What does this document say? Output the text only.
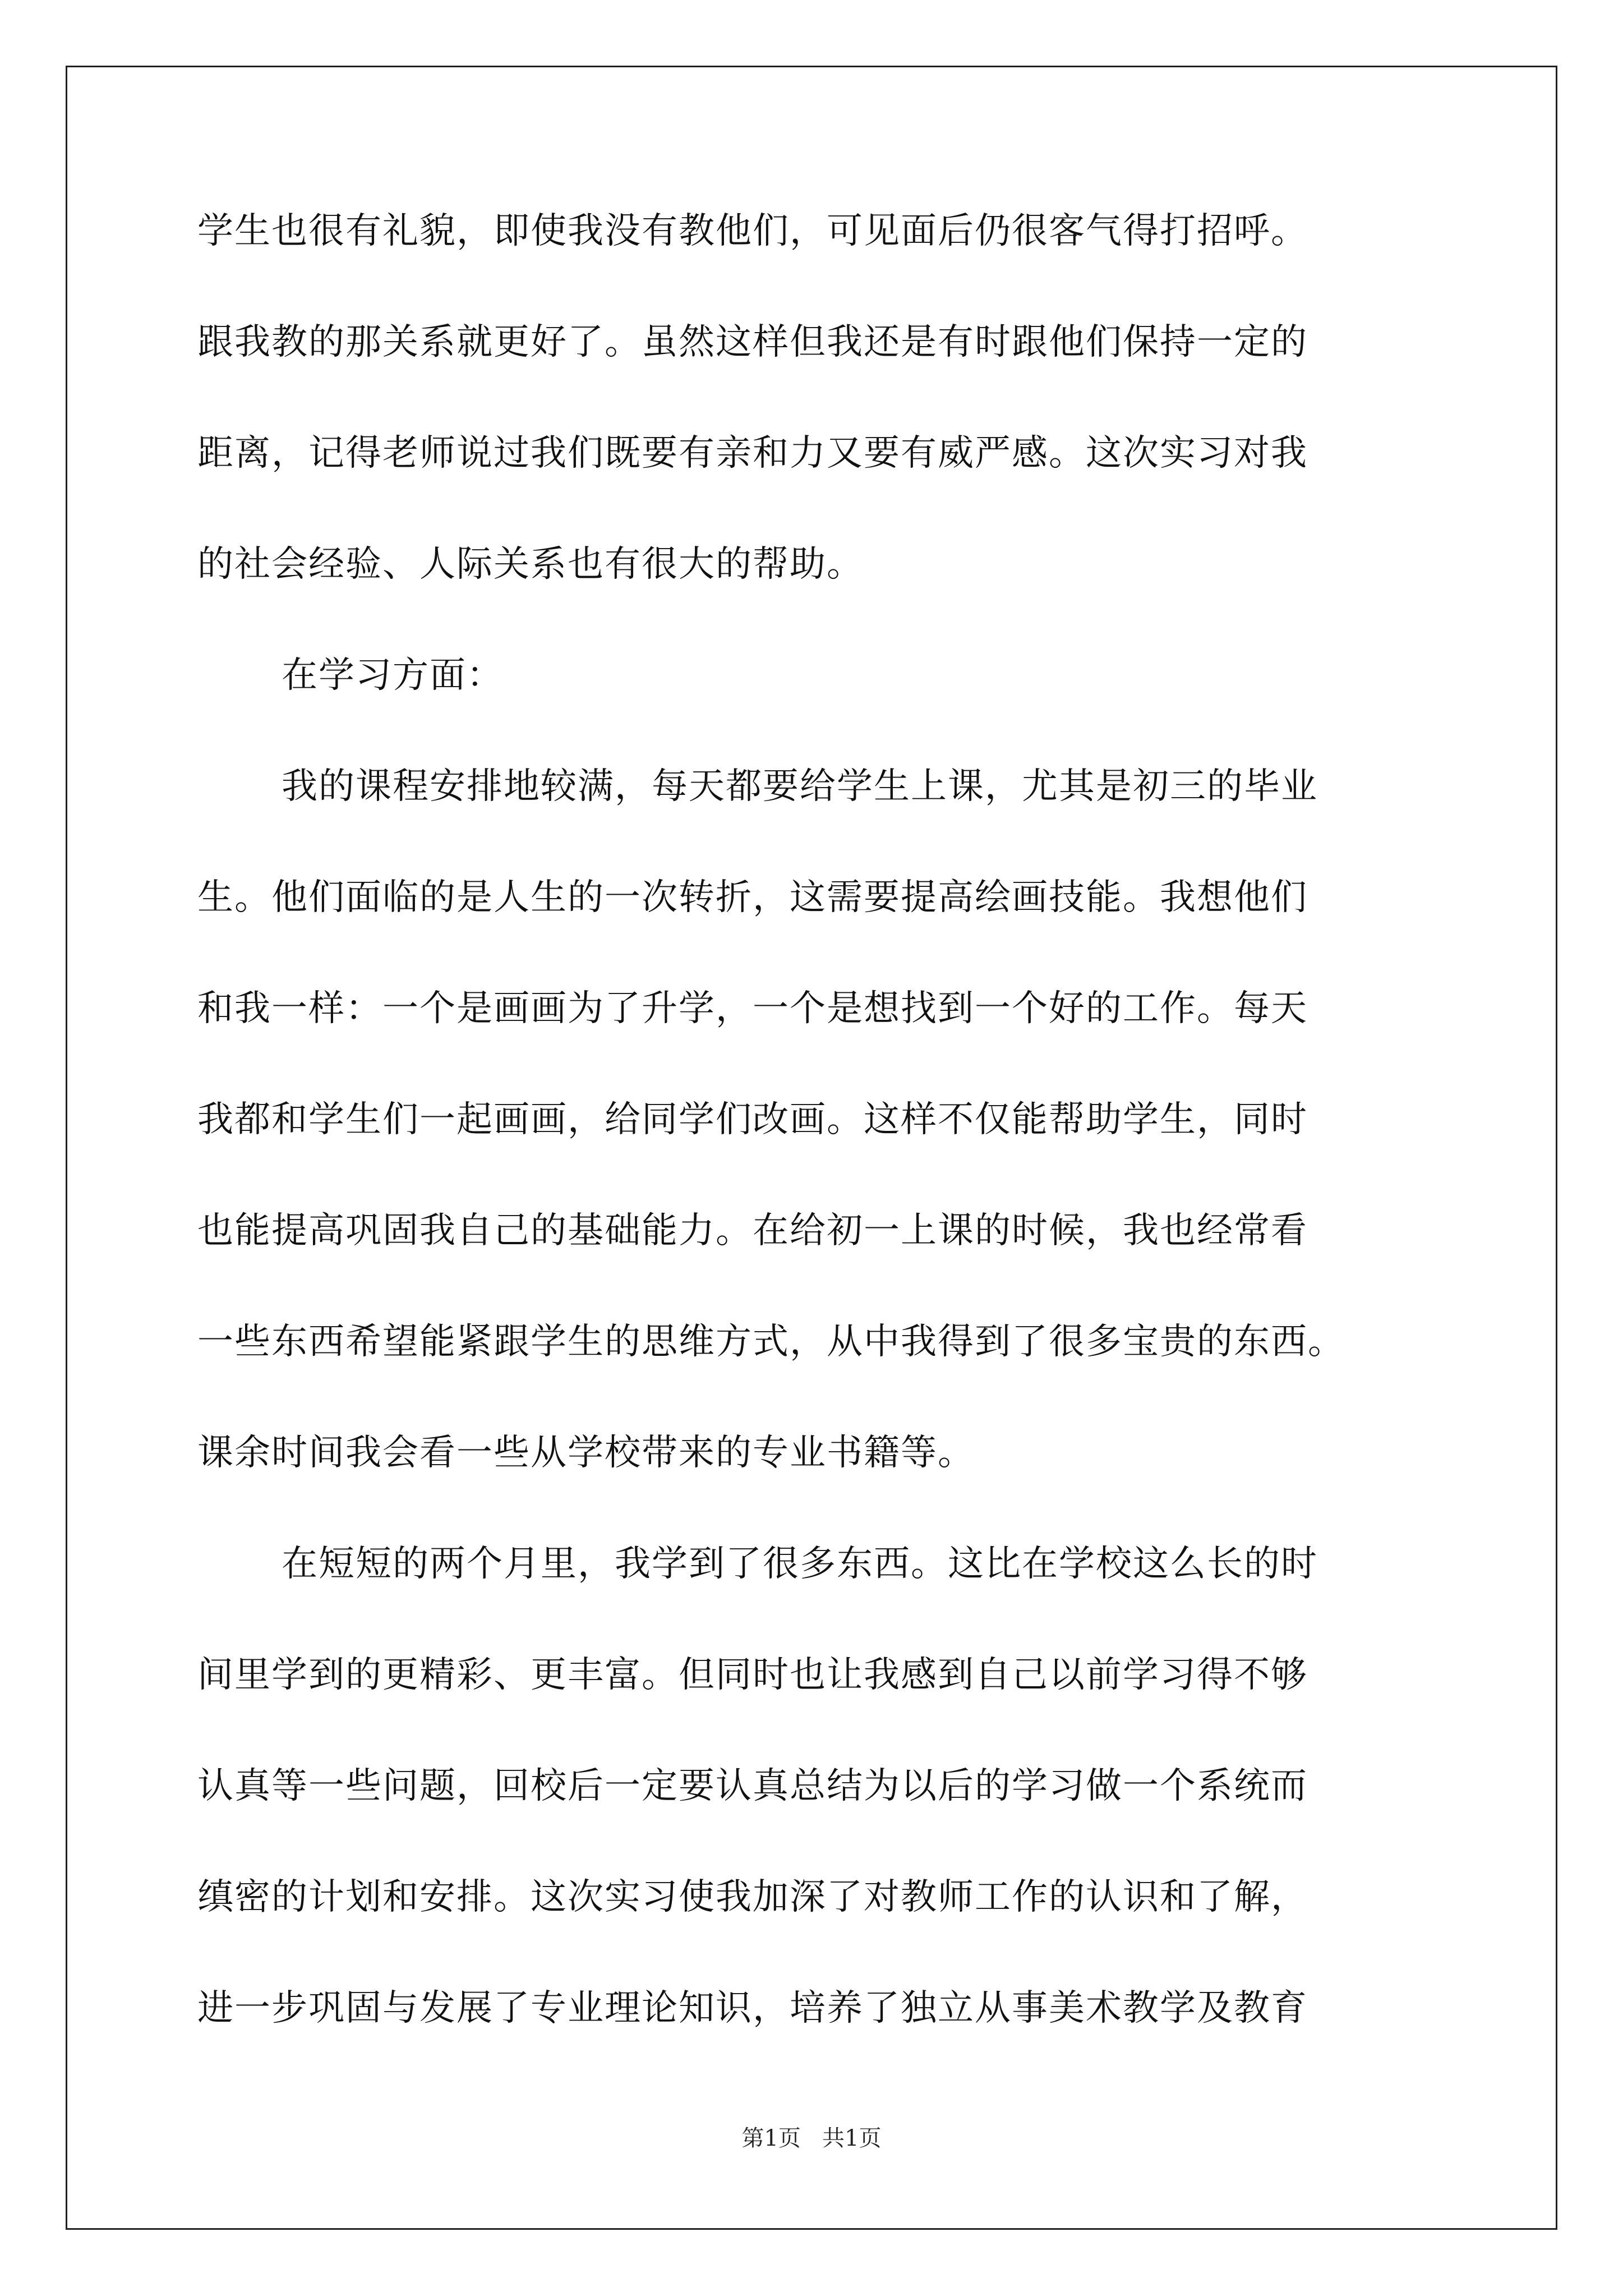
学生也很有礼貌，即使我没有教他们，可见面后仍很客气得打招呼。
跟我教的那关系就更好了。虽然这样但我还是有时跟他们保持一定的
距离，记得老师说过我们既要有亲和力又要有威严感。这次实习对我
的社会经验、人际关系也有很大的帮助。
在学习方面：
我的课程安排地较满，每天都要给学生上课，尤其是初三的毕业
生。他们面临的是人生的一次转折，这需要提高绘画技能。我想他们
和我一样：一个是画画为了升学，一个是想找到一个好的工作。每天
我都和学生们一起画画，给同学们改画。这样不仅能帮助学生，同时
也能提高巩固我自己的基础能力。在给初一上课的时候，我也经常看
一些东西希望能紧跟学生的思维方式，从中我得到了很多宝贵的东西。
课余时间我会看一些从学校带来的专业书籍等。
在短短的两个月里，我学到了很多东西。这比在学校这么长的时
间里学到的更精彩、更丰富。但同时也让我感到自己以前学习得不够
认真等一些问题，回校后一定要认真总结为以后的学习做一个系统而
缜密的计划和安排。这次实习使我加深了对教师工作的认识和了解，
进一步巩固与发展了专业理论知识，培养了独立从事美术教学及教育
第1页   共1页
